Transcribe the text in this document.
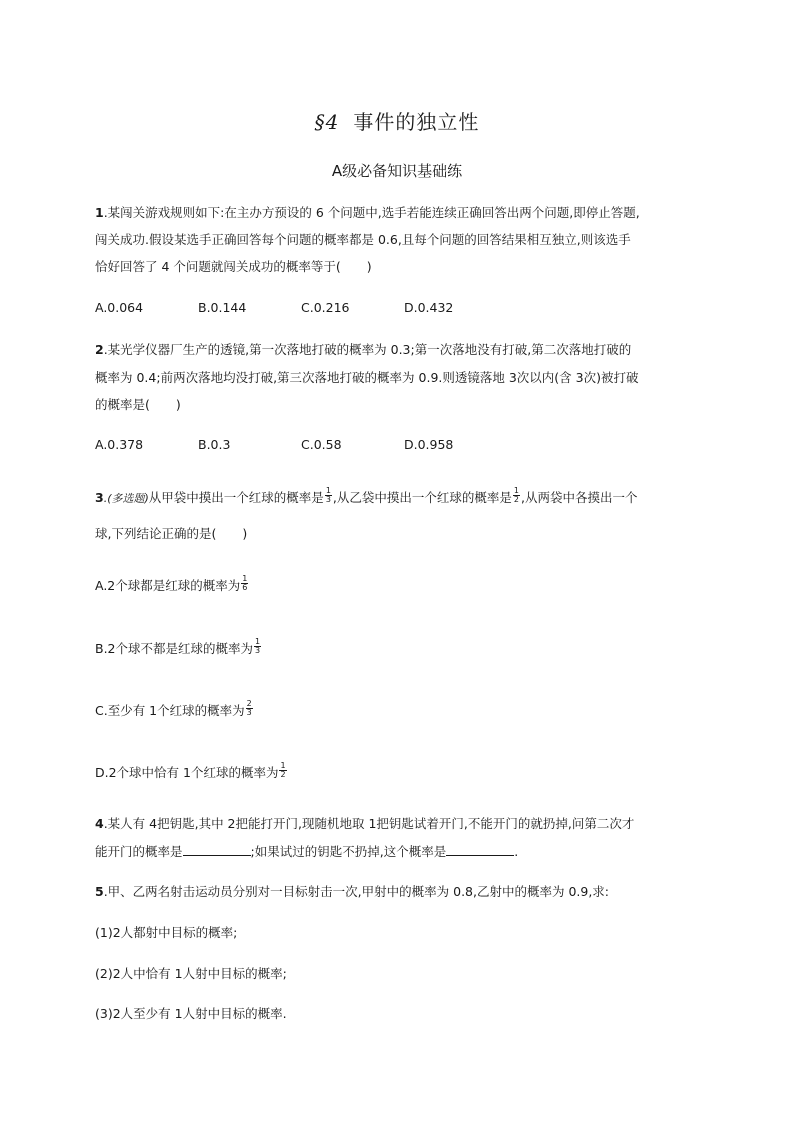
§4 事件的独立性
A级必备知识基础练
1.某闯关游戏规则如下:在主办方预设的 6 个问题中,选手若能连续正确回答出两个问题,即停止答题,
闯关成功.假设某选手正确回答每个问题的概率都是 0.6,且每个问题的回答结果相互独立,则该选手
恰好回答了 4 个问题就闯关成功的概率等于( )
A.0.064	B.0.144	C.0.216	D.0.432
2.某光学仪器厂生产的透镜,第一次落地打破的概率为 0.3;第一次落地没有打破,第二次落地打破的
概率为 0.4;前两次落地均没打破,第三次落地打破的概率为 0.9.则透镜落地 3次以内(含 3次)被打破
的概率是( )
A.0.378	B.0.3	C.0.58	D.0.958
3.(多选题)从甲袋中摸出一个红球的概率是 $\frac{1}{3}$ ,从乙袋中摸出一个红球的概率是 $\frac{1}{2}$ ,从两袋中各摸出一个
球,下列结论正确的是( )
A.2个球都是红球的概率为 $\frac{1}{6}$
B.2个球不都是红球的概率为 $\frac{1}{3}$
C.至少有 1个红球的概率为 $\frac{2}{3}$
D.2个球中恰有 1个红球的概率为 $\frac{1}{2}$
4.某人有 4把钥匙,其中 2把能打开门,现随机地取 1把钥匙试着开门,不能开门的就扔掉,问第二次才
能开门的概率是	;如果试过的钥匙不扔掉,这个概率是	.
5.甲、乙两名射击运动员分别对一目标射击一次,甲射中的概率为 0.8,乙射中的概率为 0.9,求:
(1)2人都射中目标的概率;
(2)2人中恰有 1人射中目标的概率;
(3)2人至少有 1人射中目标的概率.
